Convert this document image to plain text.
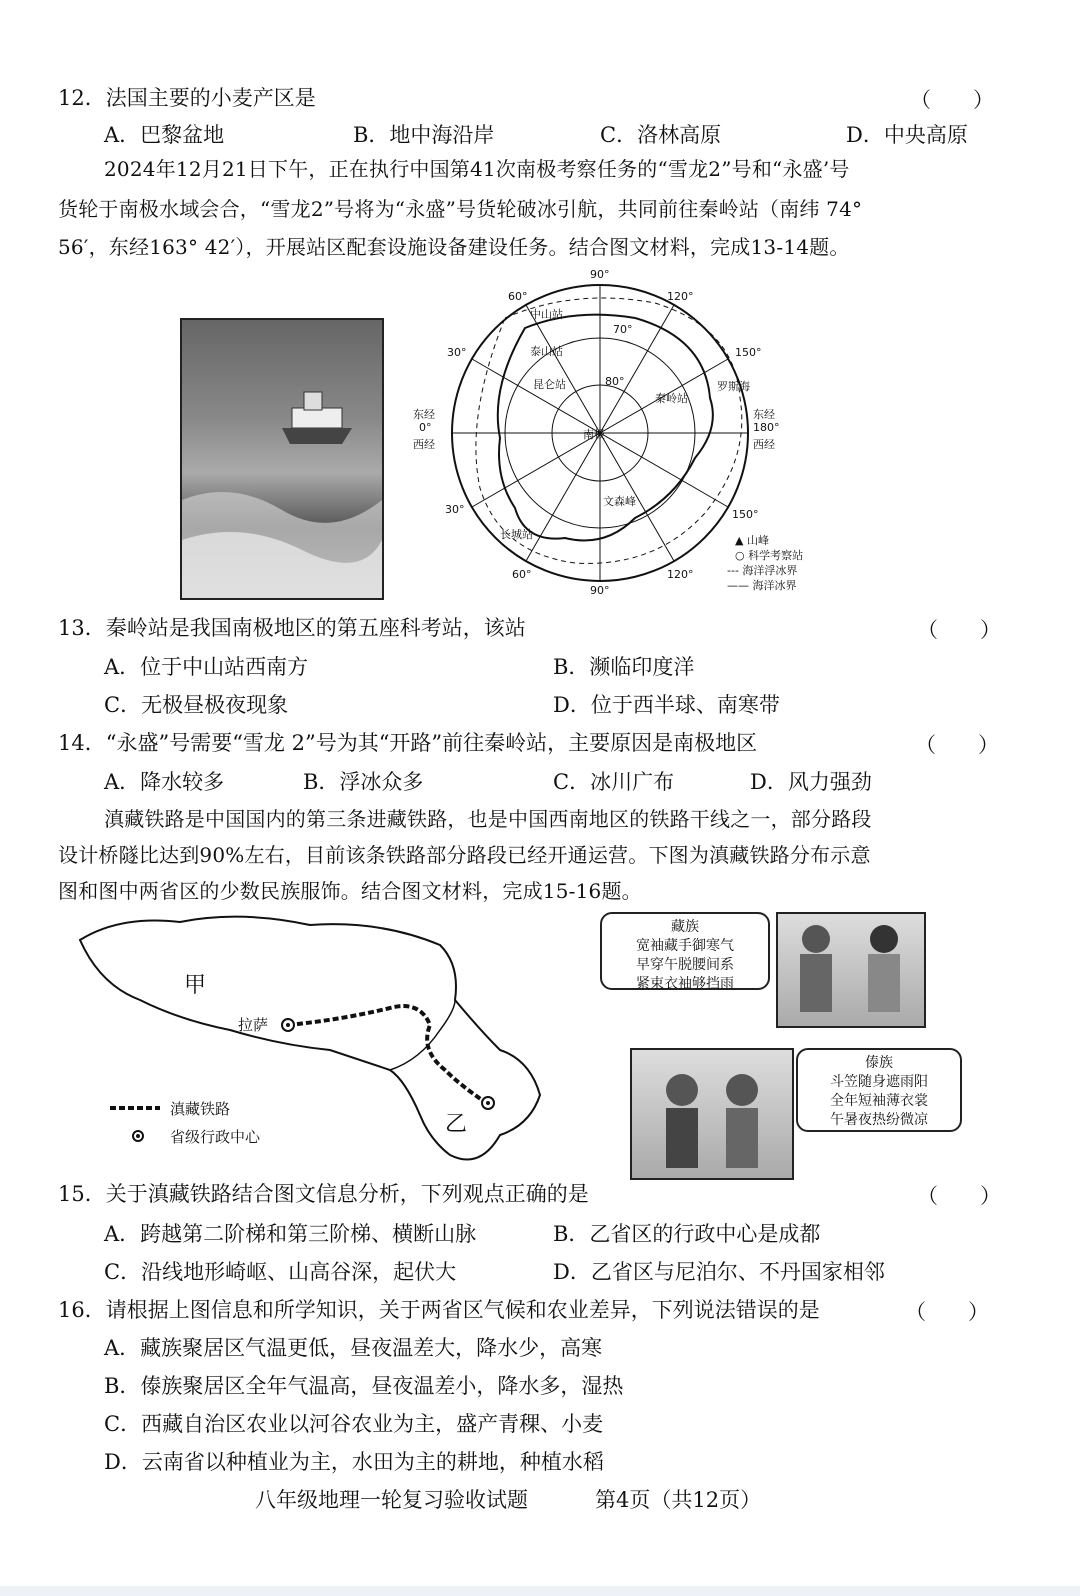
12．法国主要的小麦产区是	（　　）
A．巴黎盆地	B．地中海沿岸	C．洛林高原	D．中央高原
2024年12月21日下午，正在执行中国第41次南极考察任务的“雪龙2”号和“永盛’号
货轮于南极水域会合，“雪龙2”号将为“永盛”号货轮破冰引航，共同前往秦岭站（南纬 74°
56′，东经163° 42′），开展站区配套设施设备建设任务。结合图文材料，完成13-14题。
90°
60°	120°
30°	150°
70°
80°
30°	150°
60°	120°
90°
东经
0°
西经
东经
180°
西经
中山站
泰山站
昆仑站
秦岭站
长城站
南极
文森峰
罗斯海
▲ 山峰
○ 科学考察站
--- 海洋浮冰界
—— 海洋冰界
13．秦岭站是我国南极地区的第五座科考站，该站	（　　）
A．位于中山站西南方	B．濒临印度洋
C．无极昼极夜现象	D．位于西半球、南寒带
14．“永盛”号需要“雪龙 2”号为其“开路”前往秦岭站，主要原因是南极地区	（　　）
A．降水较多	B．浮冰众多	C．冰川广布	D．风力强劲
滇藏铁路是中国国内的第三条进藏铁路，也是中国西南地区的铁路干线之一，部分路段
设计桥隧比达到90%左右，目前该条铁路部分路段已经开通运营。下图为滇藏铁路分布示意
图和图中两省区的少数民族服饰。结合图文材料，完成15-16题。
甲
乙
拉萨
滇藏铁路
省级行政中心
藏族
宽袖藏手御寒气
早穿午脱腰间系
紧束衣袖够挡雨
傣族
斗笠随身遮雨阳
全年短袖薄衣裳
午暑夜热纷微凉
15．关于滇藏铁路结合图文信息分析，下列观点正确的是	（　　）
A．跨越第二阶梯和第三阶梯、横断山脉	B．乙省区的行政中心是成都
C．沿线地形崎岖、山高谷深，起伏大	D．乙省区与尼泊尔、不丹国家相邻
16．请根据上图信息和所学知识，关于两省区气候和农业差异，下列说法错误的是	（　　）
A．藏族聚居区气温更低，昼夜温差大，降水少，高寒
B．傣族聚居区全年气温高，昼夜温差小，降水多，湿热
C．西藏自治区农业以河谷农业为主，盛产青稞、小麦
D．云南省以种植业为主，水田为主的耕地，种植水稻
八年级地理一轮复习验收试题	第4页（共12页）
